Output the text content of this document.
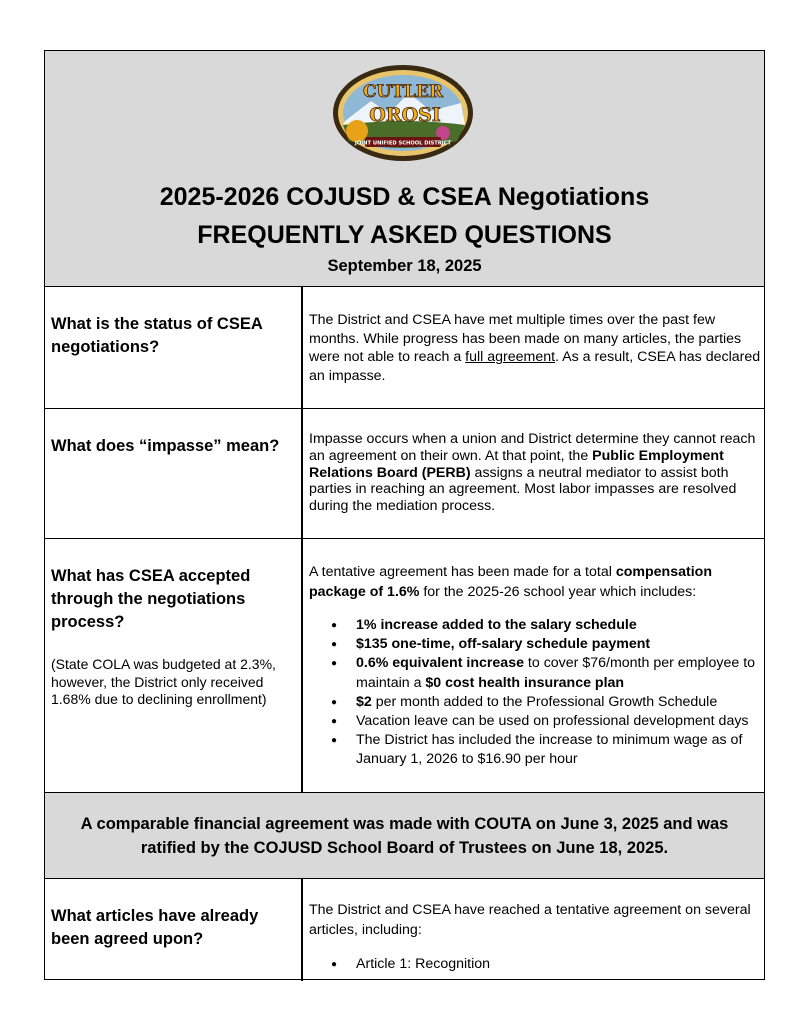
CUTLER
OROSI
JOINT UNIFIED SCHOOL DISTRICT
2025-2026 COJUSD & CSEA Negotiations
FREQUENTLY ASKED QUESTIONS
September 18, 2025
What is the status of CSEA negotiations?
The District and CSEA have met multiple times over the past few months. While progress has been made on many articles, the parties were not able to reach a full agreement. As a result, CSEA has declared an impasse.
What does “impasse” mean?	Impasse occurs when a union and District determine they cannot reach an agreement on their own. At that point, the Public Employment Relations Board (PERB) assigns a neutral mediator to assist both parties in reaching an agreement. Most labor impasses are resolved during the mediation process.
What has CSEA accepted through the negotiations process?
(State COLA was budgeted at 2.3%, however, the District only received 1.68% due to declining enrollment)
A tentative agreement has been made for a total compensation package of 1.6% for the 2025-26 school year which includes:
● 1% increase added to the salary schedule
● $135 one-time, off-salary schedule payment
● 0.6% equivalent increase to cover $76/month per employee to maintain a $0 cost health insurance plan
● $2 per month added to the Professional Growth Schedule
● Vacation leave can be used on professional development days
● The District has included the increase to minimum wage as of January 1, 2026 to $16.90 per hour
A comparable financial agreement was made with COUTA on June 3, 2025 and was ratified by the COJUSD School Board of Trustees on June 18, 2025.
What articles have already been agreed upon?
The District and CSEA have reached a tentative agreement on several articles, including:
● Article 1: Recognition
